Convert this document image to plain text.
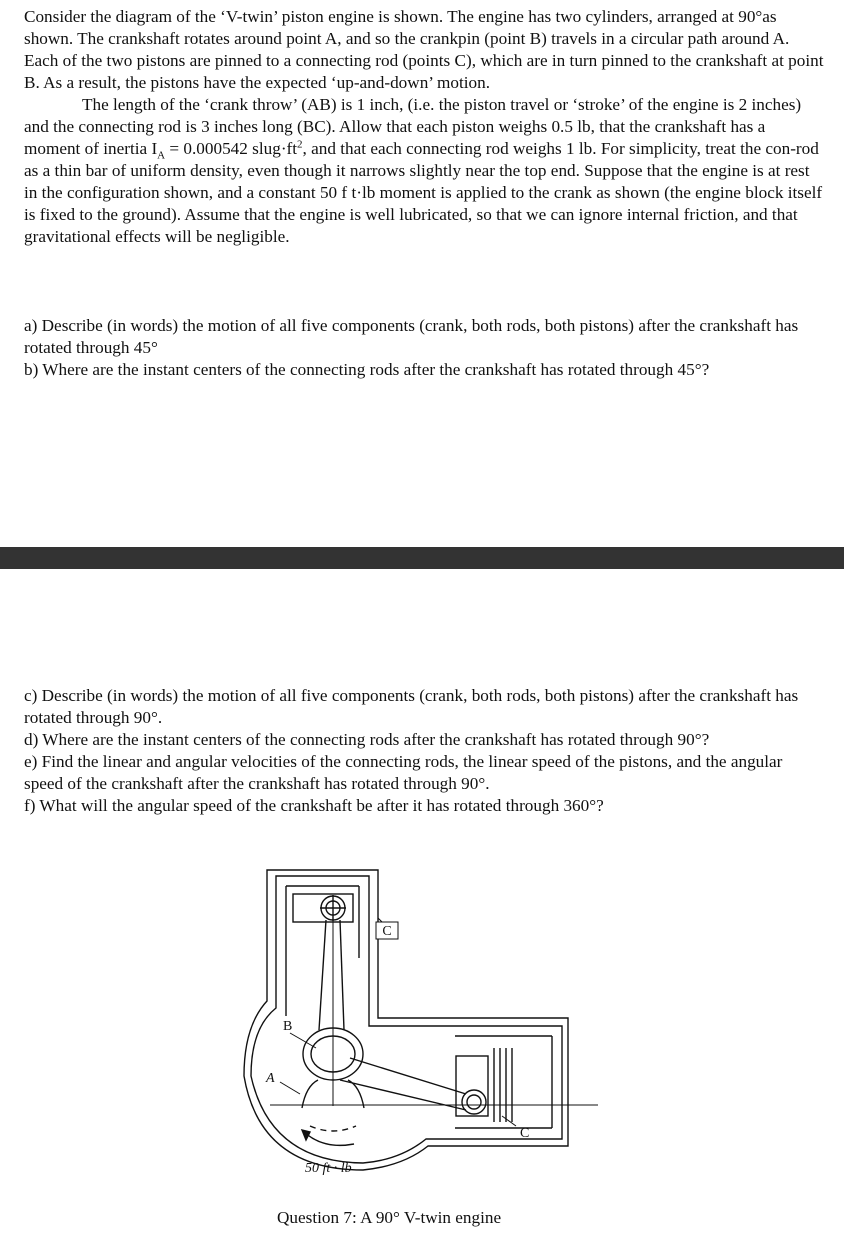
Consider the diagram of the ‘V-twin’ piston engine is shown. The engine has two cylinders, arranged at 90°as shown. The crankshaft rotates around point A, and so the crankpin (point B) travels in a circular path around A. Each of the two pistons are pinned to a connecting rod (points C), which are in turn pinned to the crankshaft at point B. As a result, the pistons have the expected ‘up-and-down’ motion.

The length of the ‘crank throw’ (AB) is 1 inch, (i.e. the piston travel or ‘stroke’ of the engine is 2 inches) and the connecting rod is 3 inches long (BC). Allow that each piston weighs 0.5 lb, that the crankshaft has a moment of inertia $I_A = 0.000542$ $slug\cdot ft^2$, and that each connecting rod weighs 1 lb. For simplicity, treat the con-rod as a thin bar of uniform density, even though it narrows slightly near the top end. Suppose that the engine is at rest in the configuration shown, and a constant 50 f t·lb moment is applied to the crank as shown (the engine block itself is fixed to the ground). Assume that the engine is well lubricated, so that we can ignore internal friction, and that gravitational effects will be negligible.

a) Describe (in words) the motion of all five components (crank, both rods, both pistons) after the crankshaft has rotated through 45°

b) Where are the instant centers of the connecting rods after the crankshaft has rotated through 45°?

c) Describe (in words) the motion of all five components (crank, both rods, both pistons) after the crankshaft has rotated through 90°.

d) Where are the instant centers of the connecting rods after the crankshaft has rotated through 90°?

e) Find the linear and angular velocities of the connecting rods, the linear speed of the pistons, and the angular speed of the crankshaft after the crankshaft has rotated through 90°.

f) What will the angular speed of the crankshaft be after it has rotated through 360°?

C
B
A
C
50 ft · lb
Question 7: A 90° V-twin engine
